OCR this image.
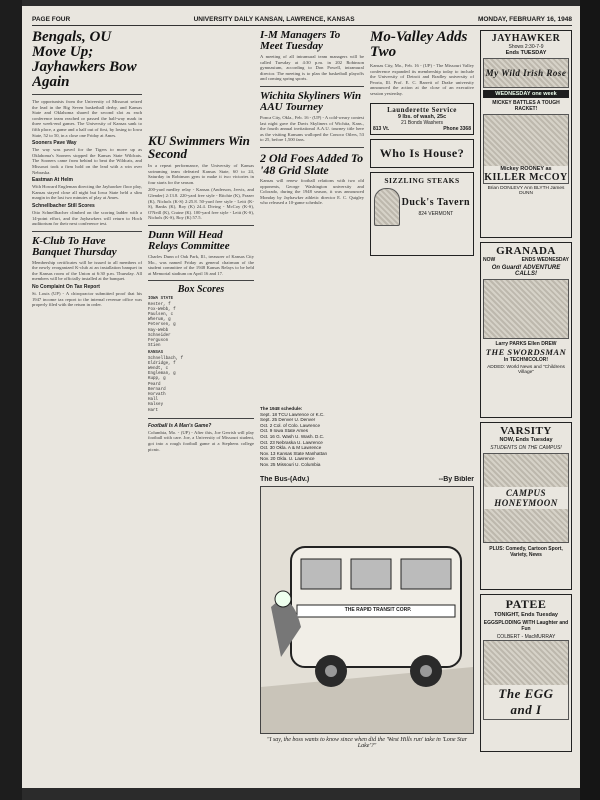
PAGE FOUR	UNIVERSITY DAILY KANSAN, LAWRENCE, KANSAS	MONDAY, FEBRUARY 16, 1948
Bengals, OU Move Up; Jayhawkers Bow Again
The opportunists from the University of Missouri seized the lead in the Big Seven basketball derby, and Kansas State and Oklahoma shared the second slot as each conference team reached or passed the half-way mark in three week-end games. The University of Kansas sank to fifth place, a game and a half out of first, by losing to Iowa State, 52 to 50, in a close one Friday at Ames.
Sooners Pave Way
The way was paved for the Tigers to move up as Oklahoma's Sooners stopped the Kansas State Wildcats. The Sooners came from behind to beat the Wildcats, and Missouri took a firm hold on the lead with a win over Nebraska.
Eastman At Helm
With Howard Engleman directing the Jayhawker floor play, Kansas stayed close all night but Iowa State held a slim margin in the last two minutes of play at Ames.
Schnellbacher Still Scores
Otto Schnellbacher climbed on the scoring ladder with a 14-point effort, and the Jayhawkers will return to Hoch auditorium for their next conference test.
K-Club To Have Banquet Thursday
Membership certificates will be issued to all members of the newly reorganized K-club at an installation banquet in the Kansas room of the Union at 6:30 p.m. Thursday. All members will be officially installed at the banquet.
No Complaint On Tax Report
St. Louis (UP) - A chiropractor submitted proof that his 1947 income tax report to the internal revenue office was properly filed with the return in order.
KU Swimmers Win Second
In a repeat performance, the University of Kansas swimming team defeated Kansas State, 60 to 24, Saturday in Robinson gym to make it two victories in four starts for the season.
200-yard medley relay - Kansas (Anderson, Jervis, and Glender) 2:13.8. 220-yard free style - Ritchie (K), Frazer (K), Nichols (K-S) 2:25.8. 50-yard free style - Leitt (K-S), Banks (K), Roy (K) 24.4. Diving - McCoy (K-S), O'Neill (K), Craine (K). 100-yard free style - Leitt (K-S), Nichols (K-S), Roy (K) 57.5.
Dunn Will Head Relays Committee
Charles Dunn of Oak Park, Ill., treasurer of Kansas City Mo., was named Friday as general chairman of the student committee of the 1948 Kansas Relays to be held at Memorial stadium on April 16 and 17.
Box Scores
IOWA STATE
Kester, f
Fox-Webb, f
Paulsen, c
Wherum, g
Petersen, g
Hay-Webb
Schneider
Ferguson
Stien
KANSAS
Schnellbach, f
Eldridge, f
Wendt, c
Engleman, g
Kupp, g
Peard
Bernard
Horvath
Hall
Halsey
Hart
Football Is A Man's Game?
Columbia, Mo. - (UP) - After this, Joe Gerrish will play football with care. Joe, a University of Missouri student, got into a rough football game at a Stephens college picnic.
I-M Managers To Meet Tuesday
A meeting of all intramural team managers will be called Tuesday at 4:30 p.m. in 202 Robinson gymnasium, according to Don Powell, intramural director. The meeting is to plan the basketball playoffs and coming spring sports.
Wichita Skyliners Win AAU Tourney
Ponca City, Okla., Feb. 16 - (UP) - A cold-weary contest last night gave the Davis Skyliners of Wichita, Kans., the fourth annual invitational A.A.U. tourney title here as the visiting Kansans walloped the Conoco Oilers, 53 to 25, before 1,500 fans.
2 Old Foes Added To '48 Grid Slate
Kansas will renew football relations with two old opponents, George Washington university and Colorado, during the 1948 season, it was announced Monday by Jayhawker athletic director E. C. Quigley who released a 10-game schedule.
Mo-Valley Adds Two
Kansas City, Mo., Feb. 16 - (UP) - The Missouri Valley conference expanded its membership today to include the University of Detroit and Bradley university of Peoria, Ill. Prof. E. C. Barrett of Drake university announced the action at the close of an executive session yesterday.
Launderette Service
9 lbs. of wash, 25c
21 Bonds Washers
813 Vt.	Phone 3368
Who Is House?
SIZZLING STEAKS
Duck's Tavern
824 VERMONT
The 1948 schedule:
Sept. 18 TCU Lawrence or K.C.
Sept. 25 Denver U. Denver
Oct. 2 Col. of Colo. Lawrence
Oct. 9 Iowa State Ames
Oct. 16 G. Wash U. Wash. D.C.
Oct. 23 Nebraska U. Lawrence
Oct. 30 Okla. A & M Lawrence
Nov. 13 Kansas State Manhattan
Nov. 20 Okla. U. Lawrence
Nov. 25 Missouri U. Columbia
The Bus-(Adv.)	--By Bibler
THE RAPID TRANSIT CORP.
"I say, the boss wants to know since when did the 'West Hills run' take in 'Lone Star Lake'?"
JAYHAWKER
Shows 2:30-7-9
Ends TUESDAY
My Wild Irish Rose
WEDNESDAY one week
MICKEY BATTLES A TOUGH RACKET!
Mickey ROONEY as
KILLER McCOY
Brian DONLEVY Ann BLYTH James DUNN
GRANADA
NOW	ENDS WEDNESDAY
On Guard! ADVENTURE CALLS!
Larry PARKS Ellen DREW
THE SWORDSMAN
In TECHNICOLOR!
ADDED: World News and "Childrens Village"
VARSITY
NOW, Ends Tuesday
STUDENTS ON THE CAMPUS!
CAMPUS HONEYMOON
PLUS: Comedy, Cartoon Sport, Variety, News
PATEE
TONIGHT, Ends Tuesday
EGGSPLODING WITH Laughter and Fun
COLBERT - MacMURRAY
The EGG and I
